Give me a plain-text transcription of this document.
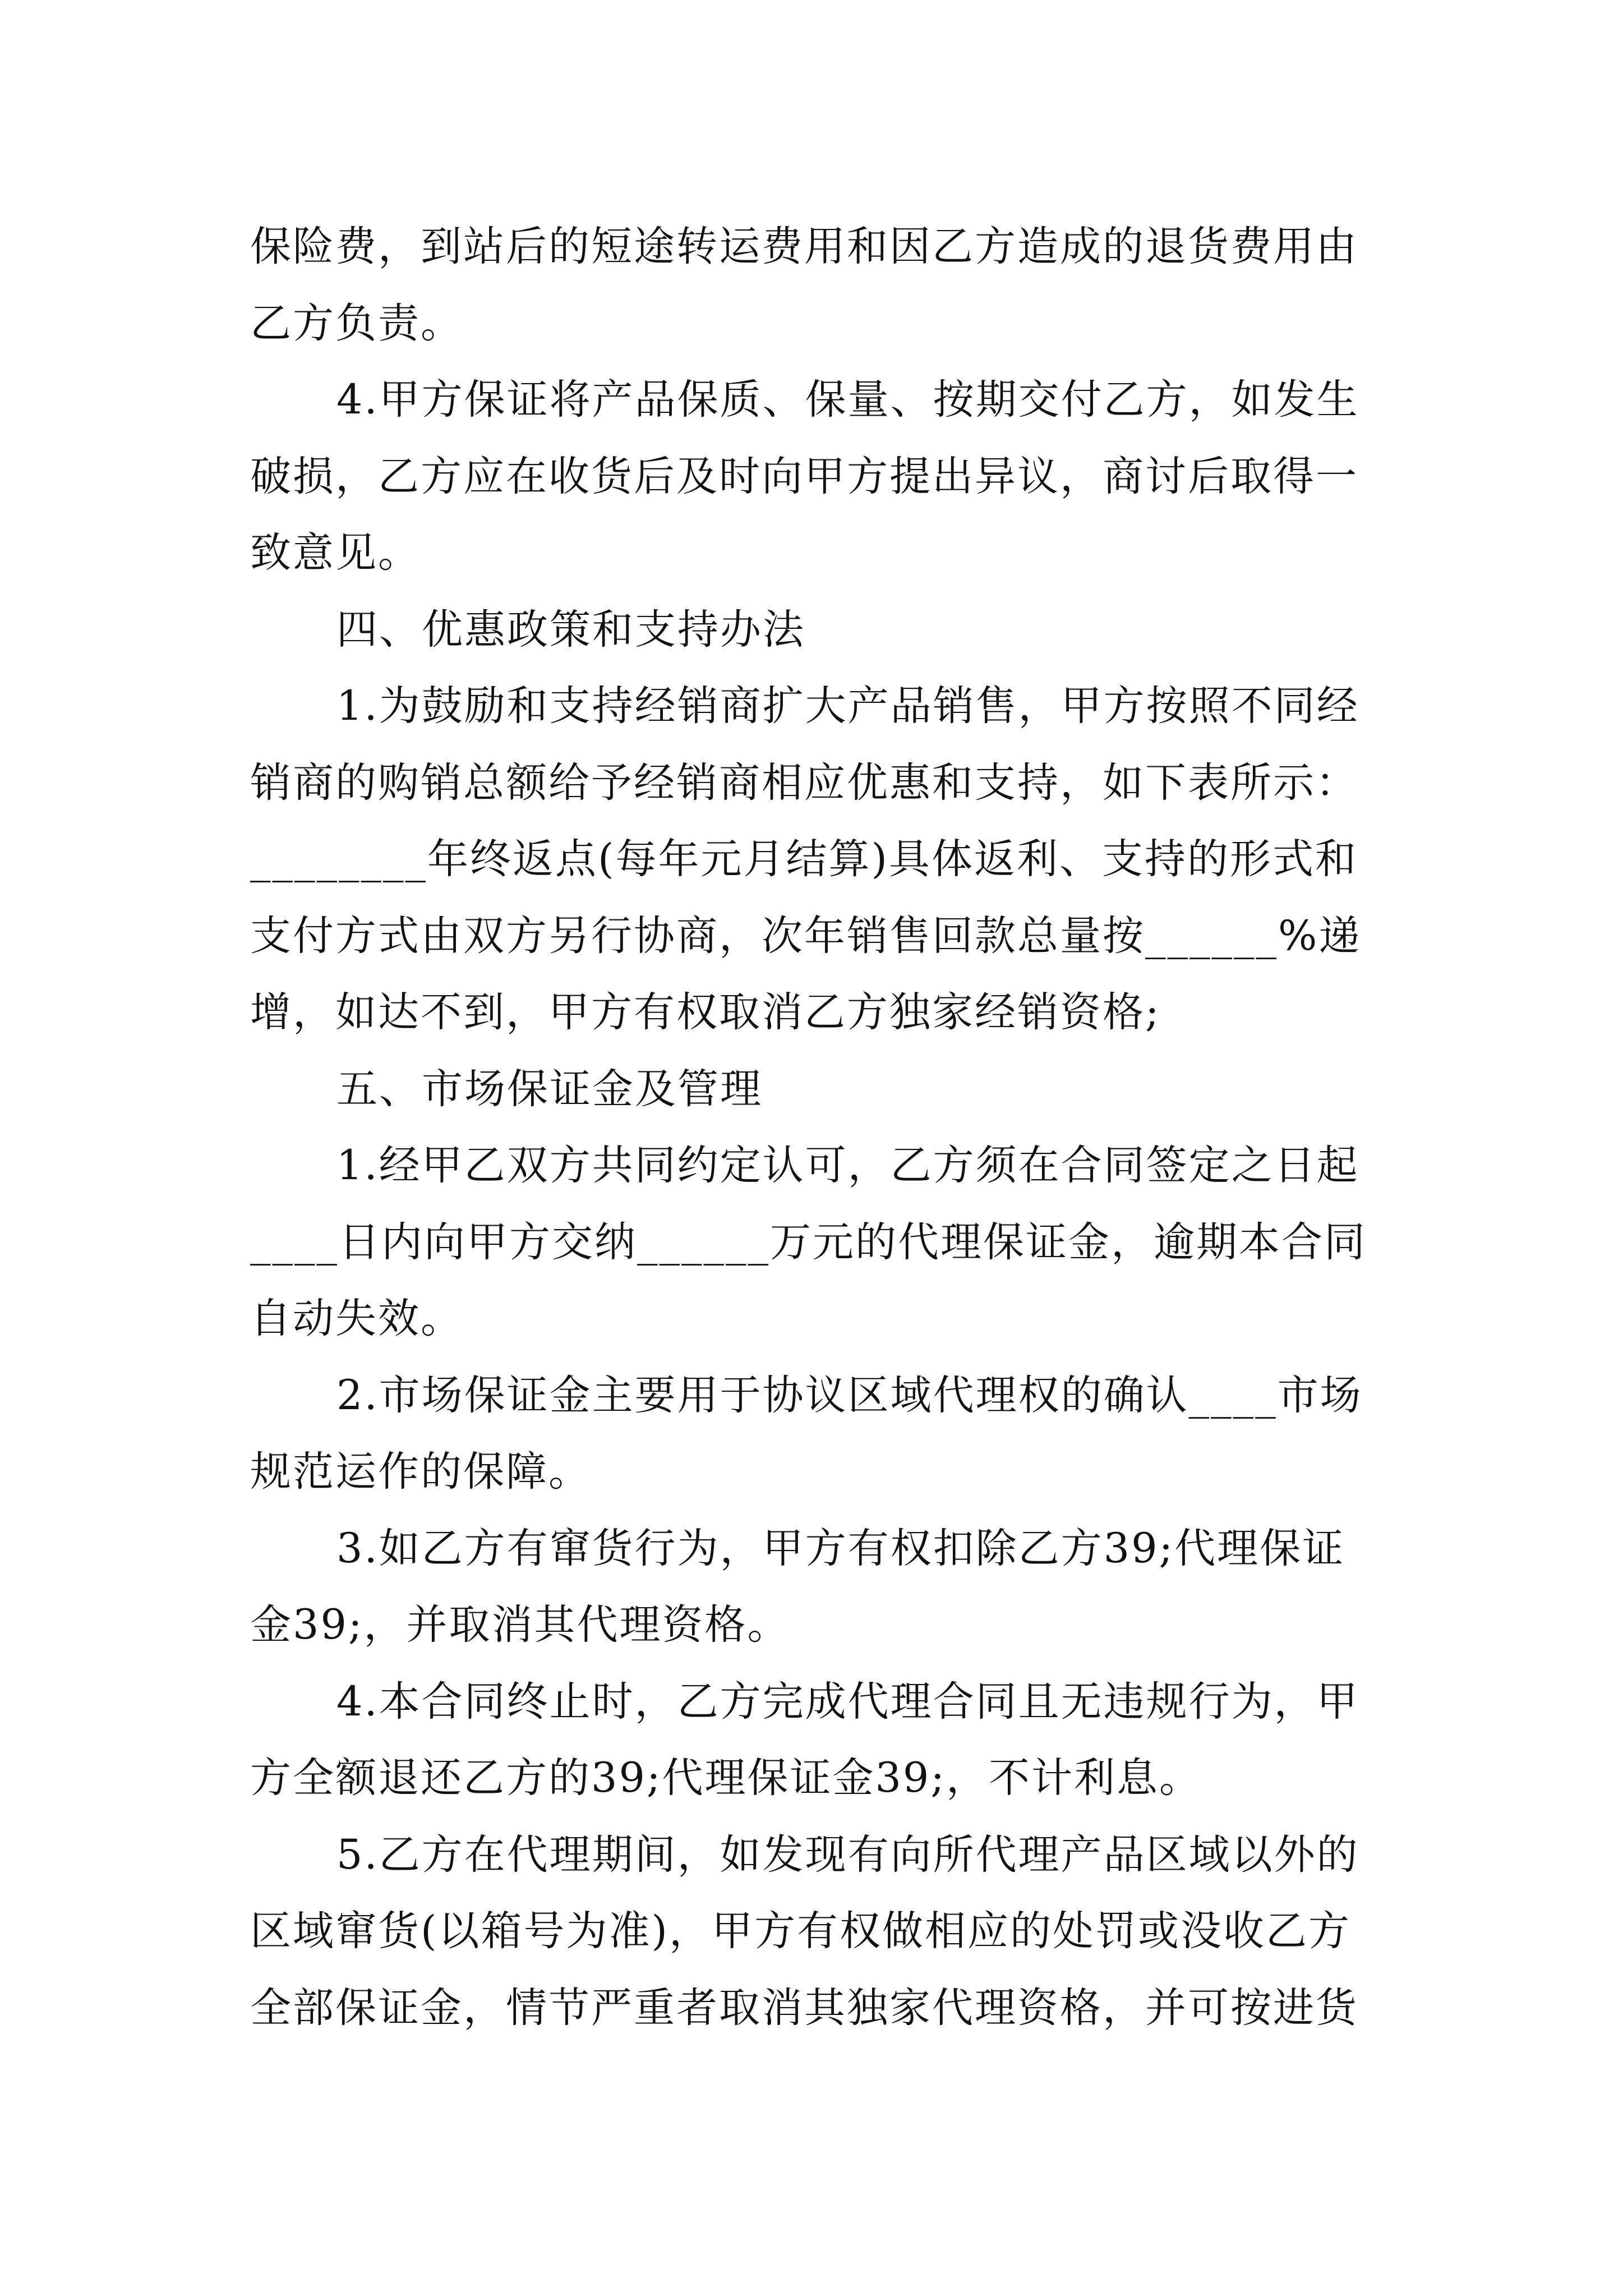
保险费，到站后的短途转运费用和因乙方造成的退货费用由乙方负责。

4.甲方保证将产品保质、保量、按期交付乙方，如发生破损，乙方应在收货后及时向甲方提出异议，商讨后取得一致意见。

四、优惠政策和支持办法

1.为鼓励和支持经销商扩大产品销售，甲方按照不同经销商的购销总额给予经销商相应优惠和支持，如下表所示：________年终返点(每年元月结算)具体返利、支持的形式和支付方式由双方另行协商，次年销售回款总量按______%递增，如达不到，甲方有权取消乙方独家经销资格;

五、市场保证金及管理

1.经甲乙双方共同约定认可，乙方须在合同签定之日起____日内向甲方交纳______万元的代理保证金，逾期本合同自动失效。

2.市场保证金主要用于协议区域代理权的确认____市场规范运作的保障。

3.如乙方有窜货行为，甲方有权扣除乙方39;代理保证金39;，并取消其代理资格。

4.本合同终止时，乙方完成代理合同且无违规行为，甲方全额退还乙方的39;代理保证金39;，不计利息。

5.乙方在代理期间，如发现有向所代理产品区域以外的区域窜货(以箱号为准)，甲方有权做相应的处罚或没收乙方全部保证金，情节严重者取消其独家代理资格，并可按进货
